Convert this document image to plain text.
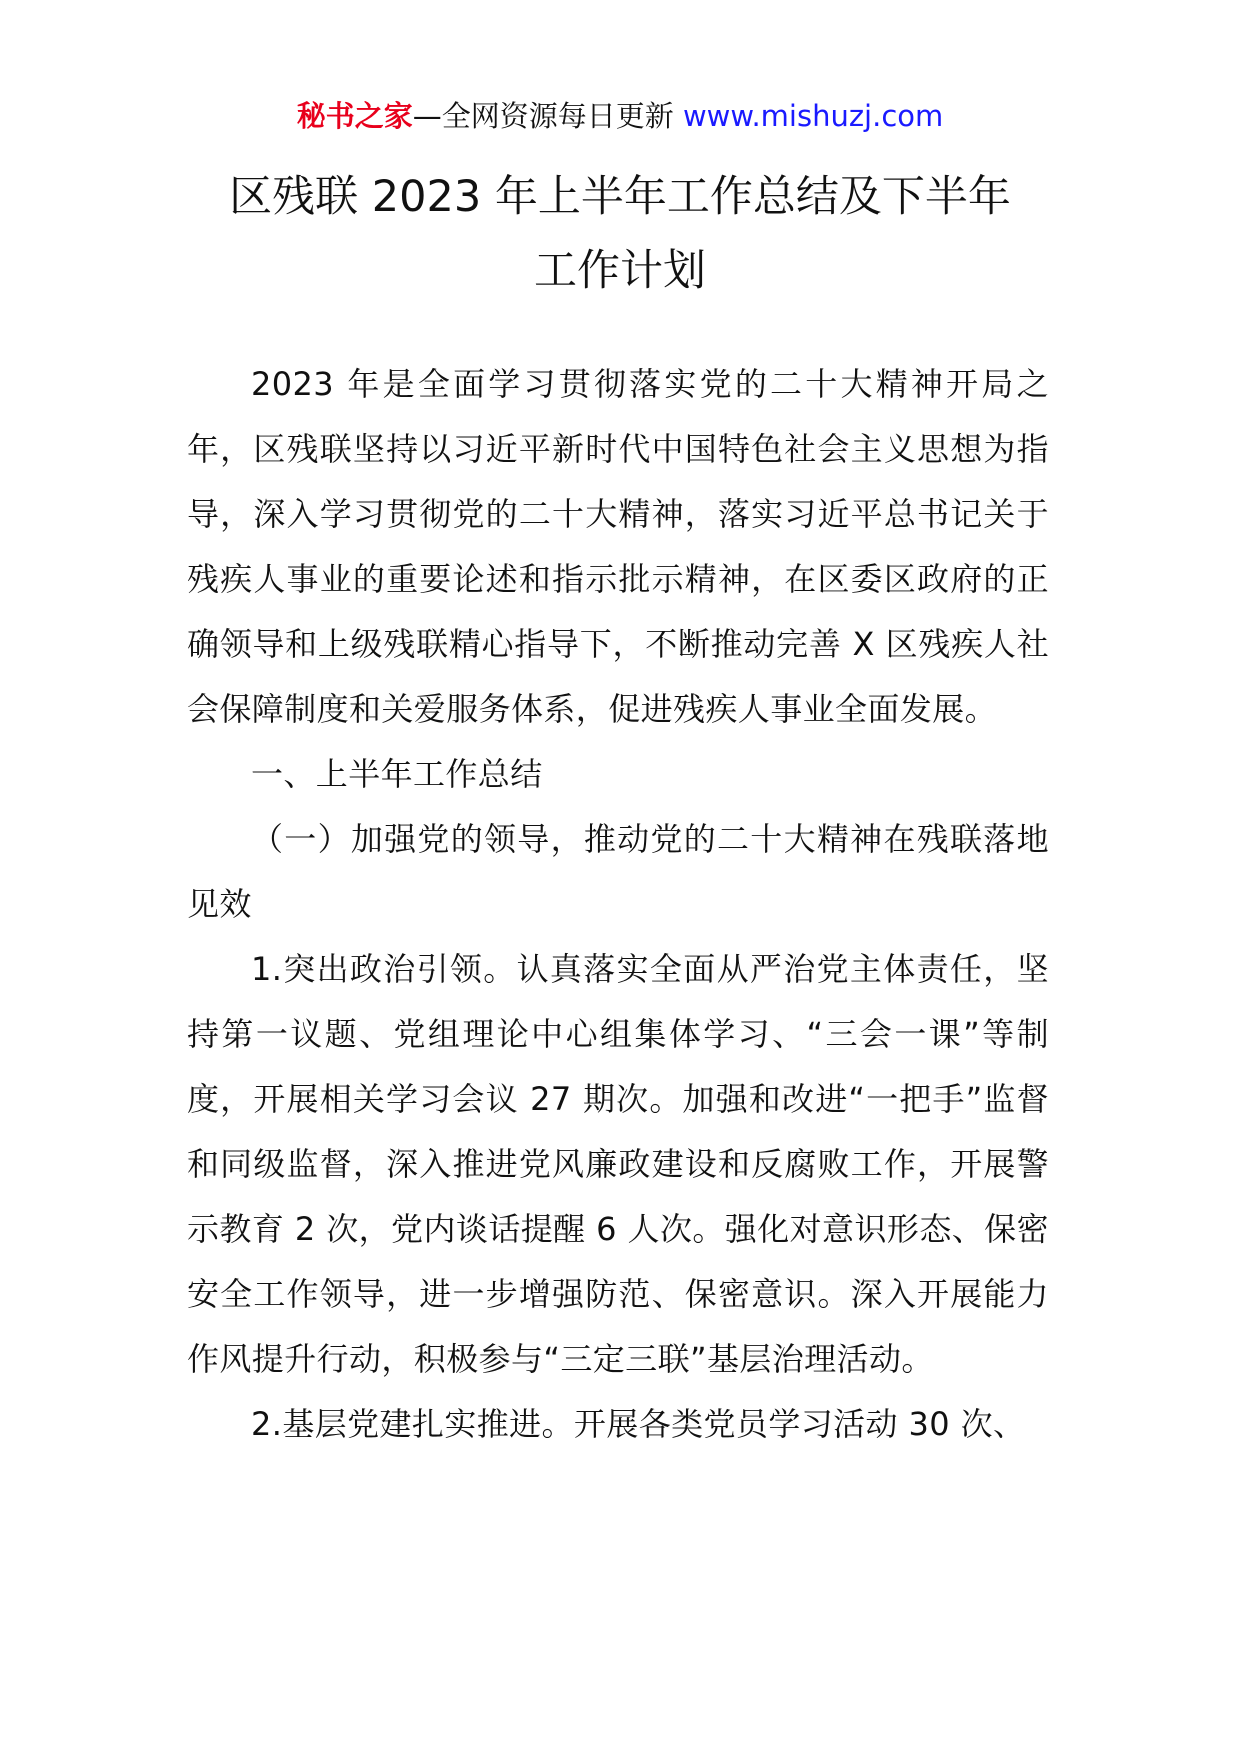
秘书之家—全网资源每日更新 www.mishuzj.com
区残联 2023 年上半年工作总结及下半年
工作计划

2023 年是全面学习贯彻落实党的二十大精神开局之年，区残联坚持以习近平新时代中国特色社会主义思想为指导，深入学习贯彻党的二十大精神，落实习近平总书记关于残疾人事业的重要论述和指示批示精神，在区委区政府的正确领导和上级残联精心指导下，不断推动完善 X 区残疾人社会保障制度和关爱服务体系，促进残疾人事业全面发展。

一、上半年工作总结

（一）加强党的领导，推动党的二十大精神在残联落地见效

1.突出政治引领。认真落实全面从严治党主体责任，坚持第一议题、党组理论中心组集体学习、“三会一课”等制度，开展相关学习会议 27 期次。加强和改进“一把手”监督和同级监督，深入推进党风廉政建设和反腐败工作，开展警示教育 2 次，党内谈话提醒 6 人次。强化对意识形态、保密安全工作领导，进一步增强防范、保密意识。深入开展能力作风提升行动，积极参与“三定三联”基层治理活动。

2.基层党建扎实推进。开展各类党员学习活动 30 次、
